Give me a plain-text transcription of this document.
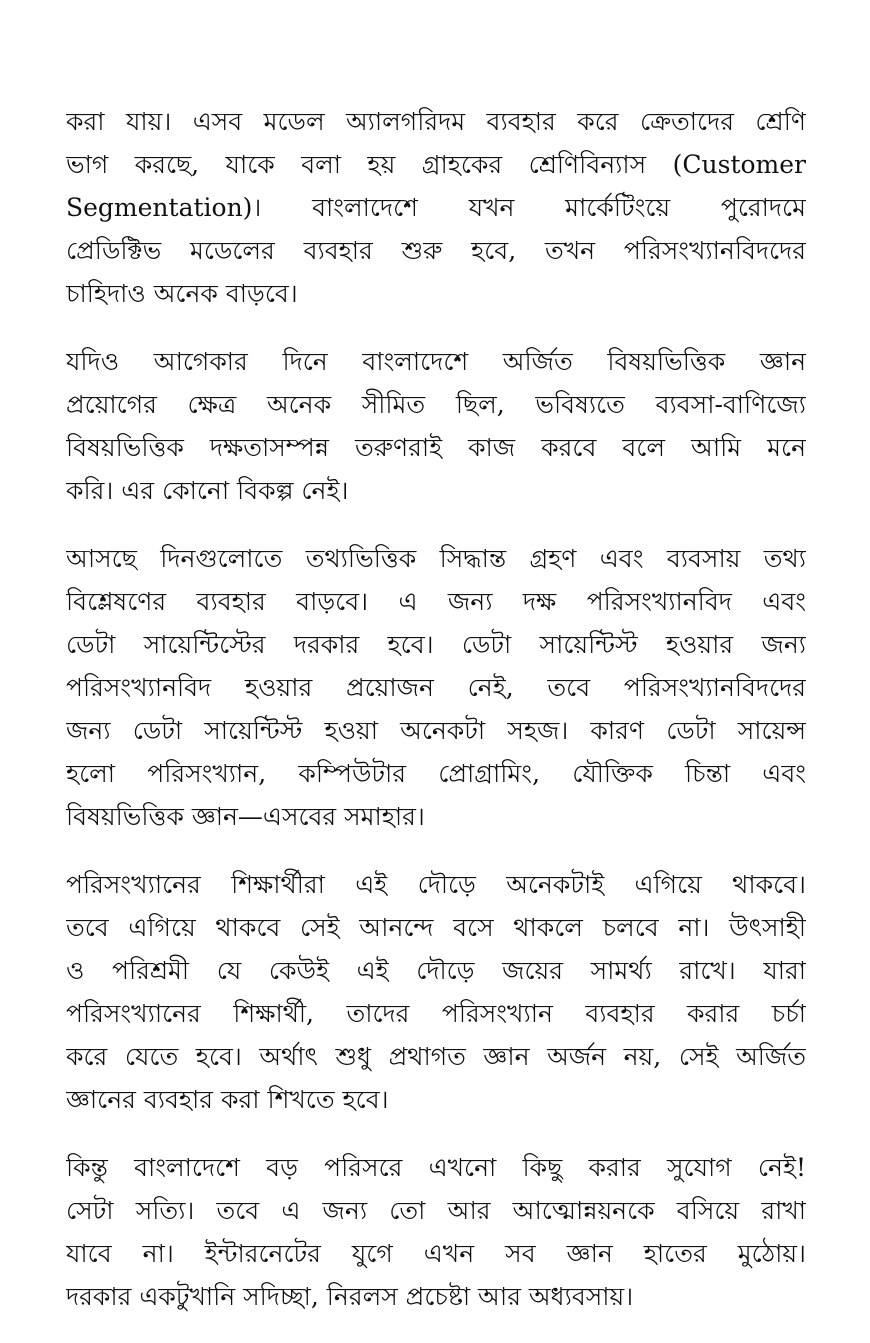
করা যায়। এসব মডেল অ্যালগরিদম ব্যবহার করে ক্রেতাদের শ্রেণি
ভাগ করছে, যাকে বলা হয় গ্রাহকের শ্রেণিবিন্যাস (Customer
Segmentation)। বাংলাদেশে যখন মার্কেটিংয়ে পুরোদমে
প্রেডিক্টিভ মডেলের ব্যবহার শুরু হবে, তখন পরিসংখ্যানবিদদের
চাহিদাও অনেক বাড়বে।
যদিও আগেকার দিনে বাংলাদেশে অর্জিত বিষয়ভিত্তিক জ্ঞান
প্রয়োগের ক্ষেত্র অনেক সীমিত ছিল, ভবিষ্যতে ব্যবসা-বাণিজ্যে
বিষয়ভিত্তিক দক্ষতাসম্পন্ন তরুণরাই কাজ করবে বলে আমি মনে
করি। এর কোনো বিকল্প নেই।
আসছে দিনগুলোতে তথ্যভিত্তিক সিদ্ধান্ত গ্রহণ এবং ব্যবসায় তথ্য
বিশ্লেষণের ব্যবহার বাড়বে। এ জন্য দক্ষ পরিসংখ্যানবিদ এবং
ডেটা সায়েন্টিস্টের দরকার হবে। ডেটা সায়েন্টিস্ট হওয়ার জন্য
পরিসংখ্যানবিদ হওয়ার প্রয়োজন নেই, তবে পরিসংখ্যানবিদদের
জন্য ডেটা সায়েন্টিস্ট হওয়া অনেকটা সহজ। কারণ ডেটা সায়েন্স
হলো পরিসংখ্যান, কম্পিউটার প্রোগ্রামিং, যৌক্তিক চিন্তা এবং
বিষয়ভিত্তিক জ্ঞান—এসবের সমাহার।
পরিসংখ্যানের শিক্ষার্থীরা এই দৌড়ে অনেকটাই এগিয়ে থাকবে।
তবে এগিয়ে থাকবে সেই আনন্দে বসে থাকলে চলবে না। উৎসাহী
ও পরিশ্রমী যে কেউই এই দৌড়ে জয়ের সামর্থ্য রাখে। যারা
পরিসংখ্যানের শিক্ষার্থী, তাদের পরিসংখ্যান ব্যবহার করার চর্চা
করে যেতে হবে। অর্থাৎ শুধু প্রথাগত জ্ঞান অর্জন নয়, সেই অর্জিত
জ্ঞানের ব্যবহার করা শিখতে হবে।
কিন্তু বাংলাদেশে বড় পরিসরে এখনো কিছু করার সুযোগ নেই!
সেটা সত্যি। তবে এ জন্য তো আর আত্মোন্নয়নকে বসিয়ে রাখা
যাবে না। ইন্টারনেটের যুগে এখন সব জ্ঞান হাতের মুঠোয়।
দরকার একটুখানি সদিচ্ছা, নিরলস প্রচেষ্টা আর অধ্যবসায়।
